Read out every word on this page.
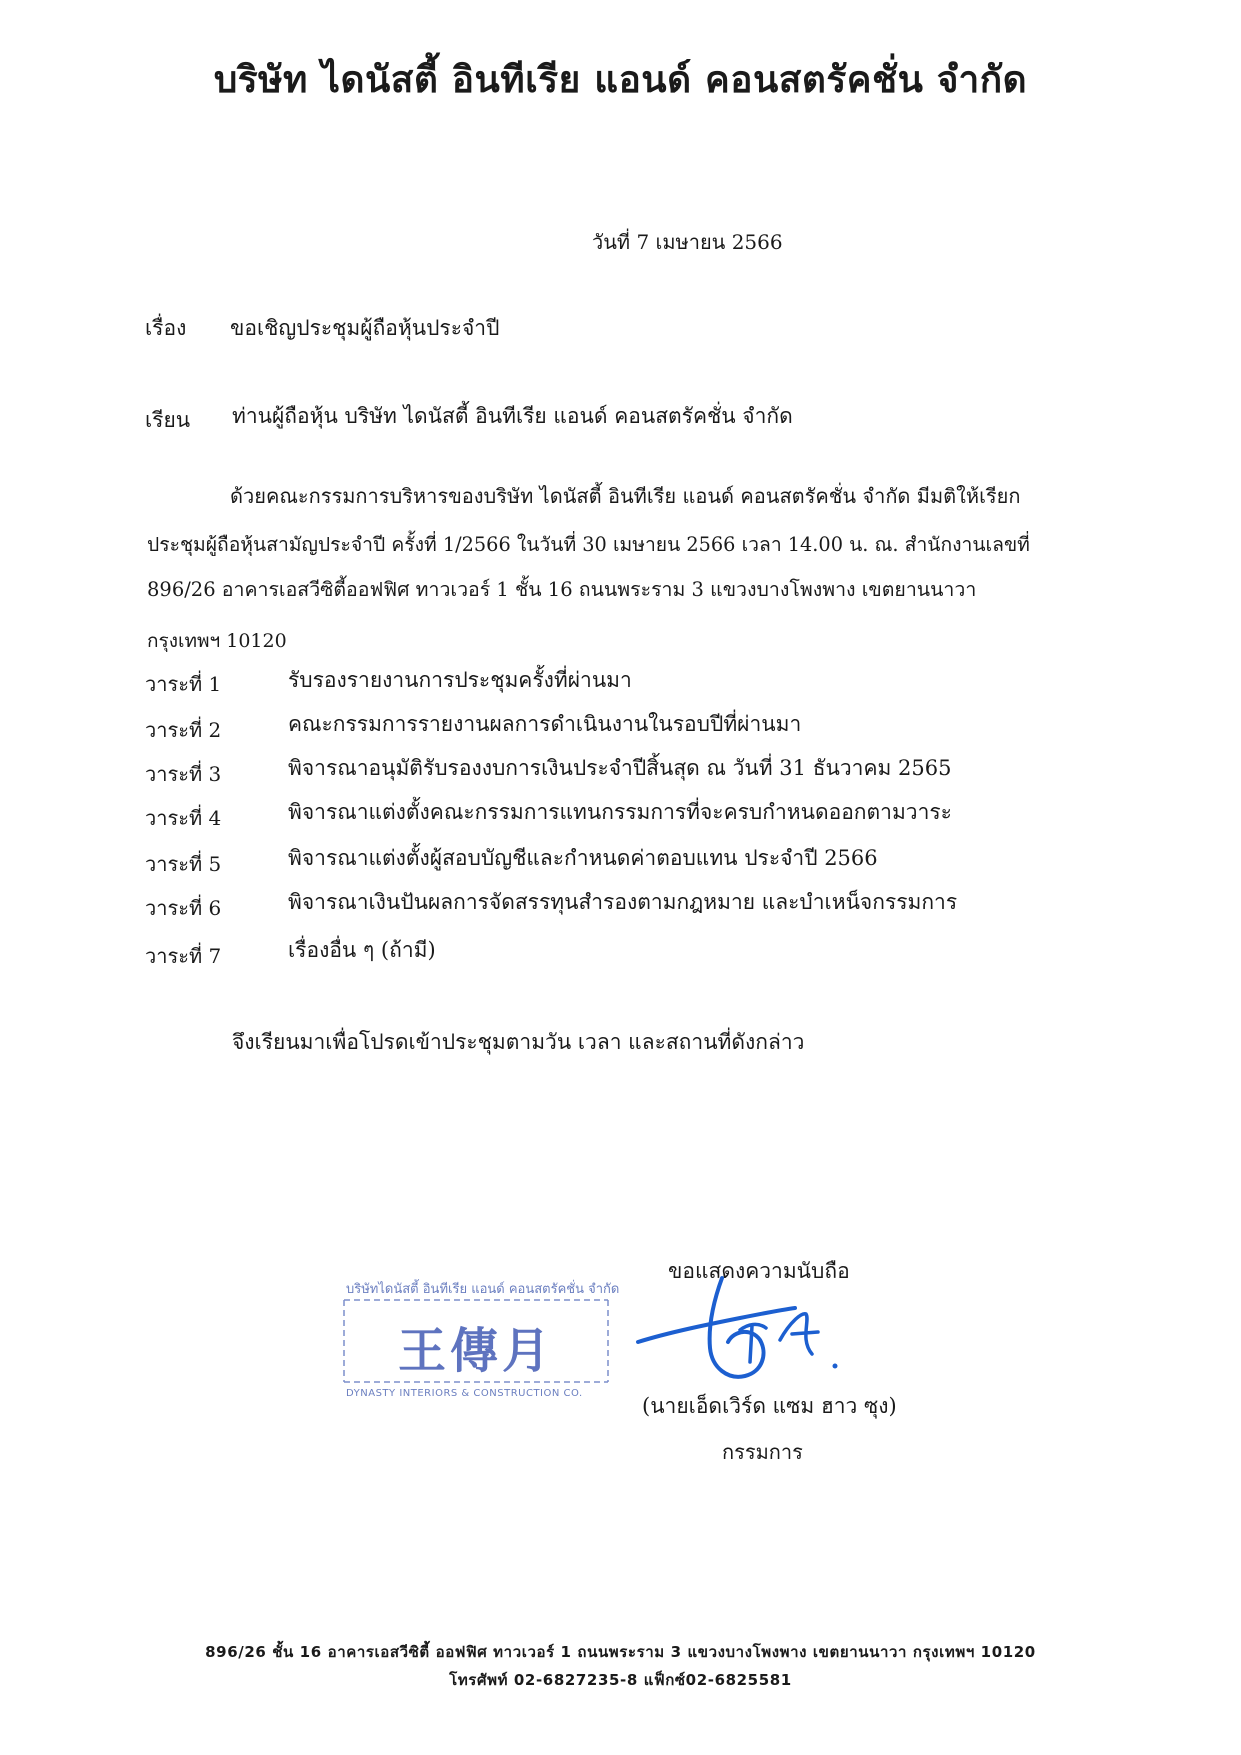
บริษัท ไดนัสตี้ อินทีเรีย แอนด์ คอนสตรัคชั่น จำกัด
วันที่ 7 เมษายน 2566
เรื่อง ขอเชิญประชุมผู้ถือหุ้นประจำปี
เรียน ท่านผู้ถือหุ้น บริษัท ไดนัสตี้ อินทีเรีย แอนด์ คอนสตรัคชั่น จำกัด
ด้วยคณะกรรมการบริหารของบริษัท ไดนัสตี้ อินทีเรีย แอนด์ คอนสตรัคชั่น จำกัด มีมติให้เรียก
ประชุมผู้ถือหุ้นสามัญประจำปี ครั้งที่ 1/2566 ในวันที่ 30 เมษายน 2566 เวลา 14.00 น. ณ. สำนักงานเลขที่
896/26 อาคารเอสวีซิตี้ออฟฟิศ ทาวเวอร์ 1 ชั้น 16 ถนนพระราม 3 แขวงบางโพงพาง เขตยานนาวา
กรุงเทพฯ 10120
วาระที่ 1	รับรองรายงานการประชุมครั้งที่ผ่านมา
วาระที่ 2	คณะกรรมการรายงานผลการดำเนินงานในรอบปีที่ผ่านมา
วาระที่ 3	พิจารณาอนุมัติรับรองงบการเงินประจำปีสิ้นสุด ณ วันที่ 31 ธันวาคม 2565
วาระที่ 4	พิจารณาแต่งตั้งคณะกรรมการแทนกรรมการที่จะครบกำหนดออกตามวาระ
วาระที่ 5	พิจารณาแต่งตั้งผู้สอบบัญชีและกำหนดค่าตอบแทน ประจำปี 2566
วาระที่ 6	พิจารณาเงินปันผลการจัดสรรทุนสำรองตามกฎหมาย และบำเหน็จกรรมการ
วาระที่ 7	เรื่องอื่น ๆ (ถ้ามี)
จึงเรียนมาเพื่อโปรดเข้าประชุมตามวัน เวลา และสถานที่ดังกล่าว
ขอแสดงความนับถือ
บริษัทไดนัสตี้ อินทีเรีย แอนด์ คอนสตรัคชั่น จำกัด
王傳月
DYNASTY INTERIORS & CONSTRUCTION CO.
(นายเอ็ดเวิร์ด แซม ฮาว ซุง)
กรรมการ
896/26 ชั้น 16 อาคารเอสวีซิตี้ ออฟฟิศ ทาวเวอร์ 1 ถนนพระราม 3 แขวงบางโพงพาง เขตยานนาวา กรุงเทพฯ 10120
โทรศัพท์ 02-6827235-8 แฟ็กซ์02-6825581
